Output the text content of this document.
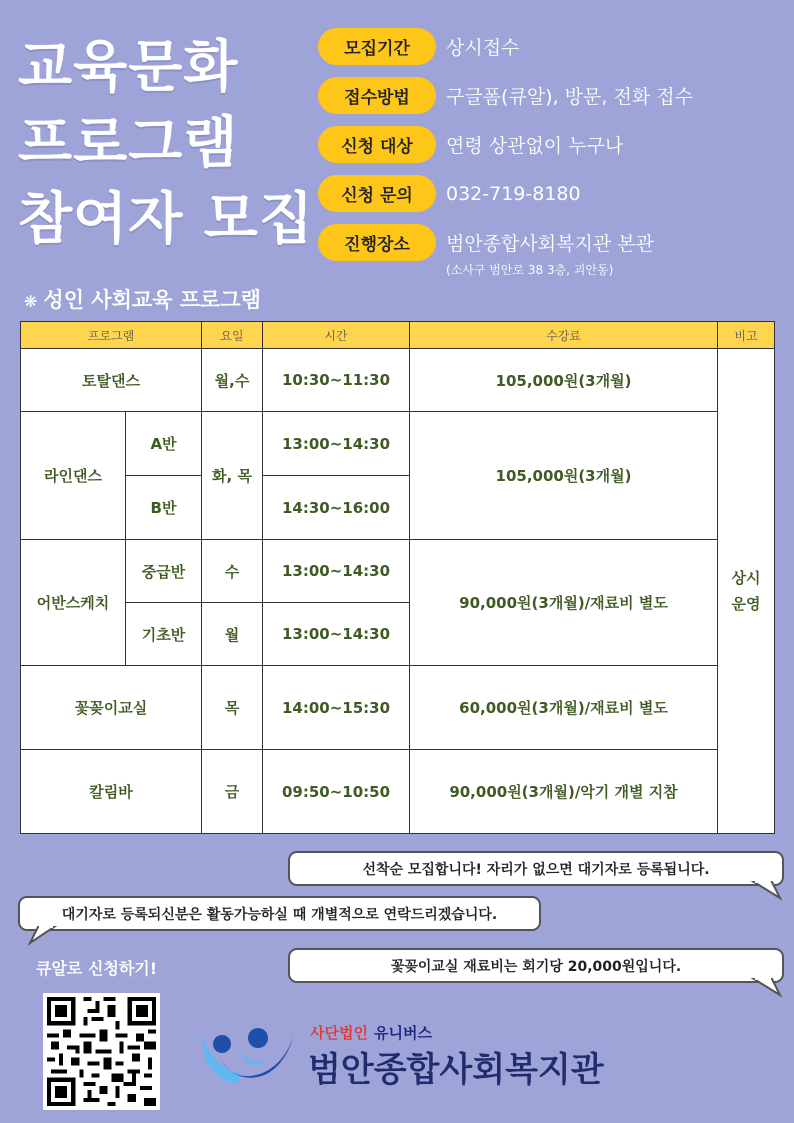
교육문화
프로그램
참여자 모집
모집기간	상시접수
접수방법	구글폼(큐알), 방문, 전화 접수
신청 대상	연령 상관없이 누구나
신청 문의	032-719-8180
진행장소	범안종합사회복지관 본관
(소사구 범안로 38 3층, 괴안동)
❋ 성인 사회교육 프로그램
프로그램		요일	시간	수강료	비고
토탈댄스		월,수	10:30~11:30	105,000원(3개월)	상시
운영
라인댄스	A반	화, 목	13:00~14:30	105,000원(3개월)	
	B반		14:30~16:00		
어반스케치	중급반	수	13:00~14:30	90,000원(3개월)/재료비 별도	
	기초반	월	13:00~14:30		
꽃꽂이교실		목	14:00~15:30	60,000원(3개월)/재료비 별도	
칼림바		금	09:50~10:50	90,000원(3개월)/악기 개별 지참	
선착순 모집합니다! 자리가 없으면 대기자로 등록됩니다.
대기자로 등록되신분은 활동가능하실 때 개별적으로 연락드리겠습니다.
큐알로 신청하기!	꽃꽂이교실 재료비는 회기당 20,000원입니다.
사단법인 유니버스
범안종합사회복지관
